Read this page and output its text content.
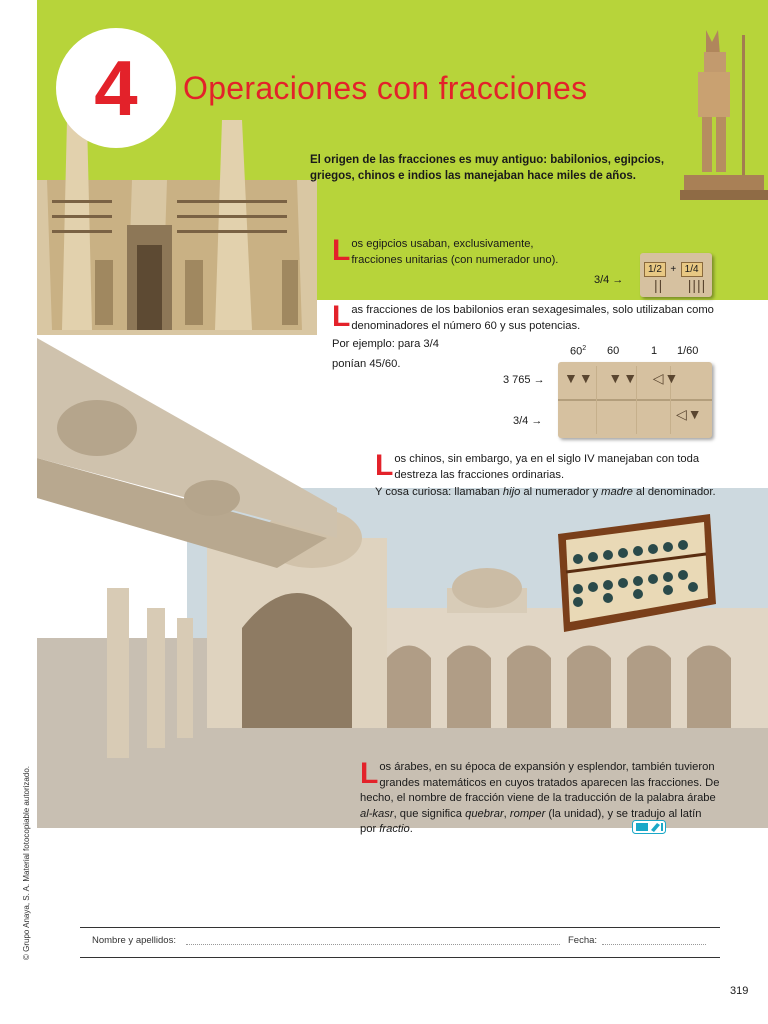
4 Operaciones con fracciones
El origen de las fracciones es muy antiguo: babilonios, egipcios, griegos, chinos e indios las manejaban hace miles de años.
Los egipcios usaban, exclusivamente, fracciones unitarias (con numerador uno).
3/4 →
1/2 + 1/4
||     ||||
Las fracciones de los babilonios eran sexagesimales, solo utilizaban como denominadores el número 60 y sus potencias.
Por ejemplo: para 3/4
ponían 45/60.
$60^2$ 60	1 1/60
3 765 →
3/4 →
▼▼   ▼▼   ◁▼
◁▼
Los chinos, sin embargo, ya en el siglo IV manejaban con toda destreza las fracciones ordinarias.
Y cosa curiosa: llamaban hijo al numerador y madre al denominador.
Los árabes, en su época de expansión y esplendor, también tuvieron grandes matemáticos en cuyos tratados aparecen las fracciones. De hecho, el nombre de fracción viene de la traducción de la palabra árabe al-kasr, que significa quebrar, romper (la unidad), y se tradujo al latín por fractio.
Nombre y apellidos:	Fecha:
© Grupo Anaya, S. A. Material fotocopiable autorizado.
319
